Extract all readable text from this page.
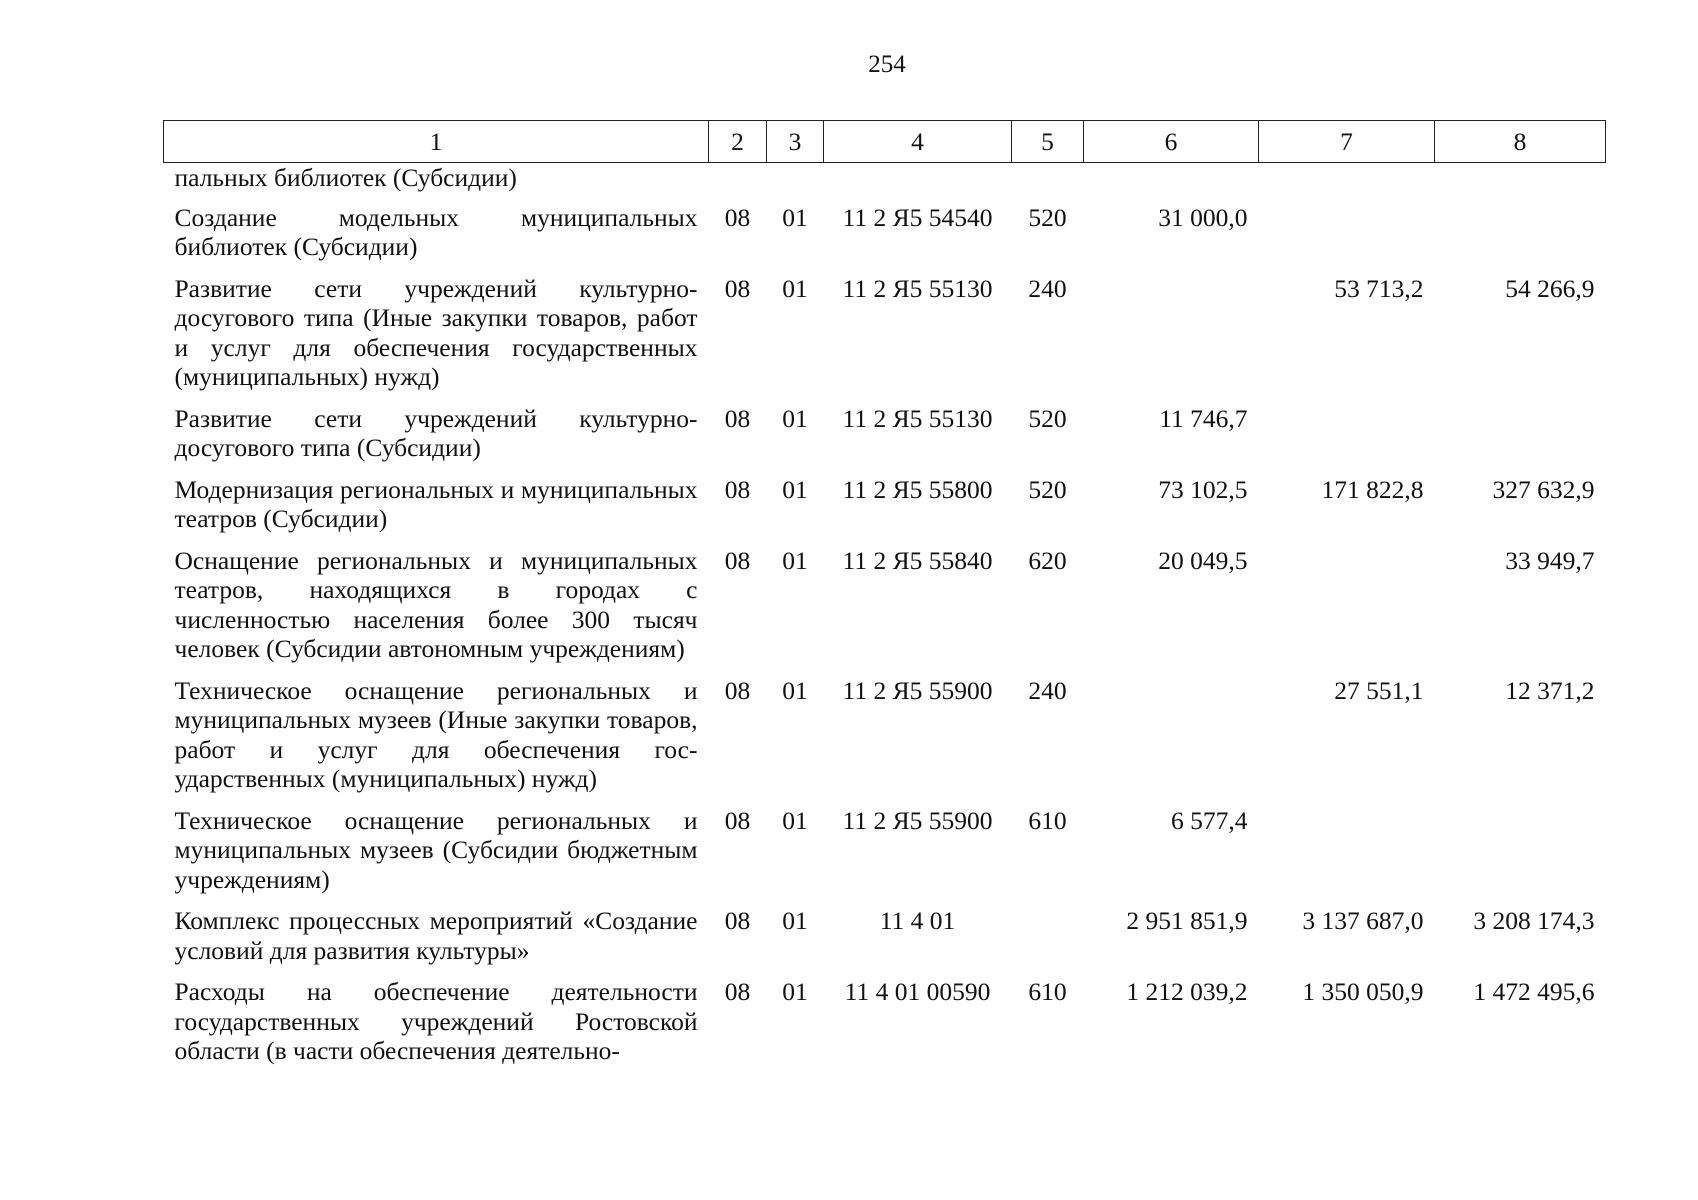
254
1	2	3	4	5	6	7	8
пальных библиотек (Субсидии)							
Создание модельных муниципальных библиотек (Субсидии)	08	01	11 2 Я5 54540	520	31 000,0		
Развитие сети учреждений культурно-досугового типа (Иные закупки товаров, работ и услуг для обеспечения государственных (муниципальных) нужд)	08	01	11 2 Я5 55130	240		53 713,2	54 266,9
Развитие сети учреждений культурно-досугового типа (Субсидии)	08	01	11 2 Я5 55130	520	11 746,7		
Модернизация региональных и муниципальных театров (Субсидии)	08	01	11 2 Я5 55800	520	73 102,5	171 822,8	327 632,9
Оснащение региональных и муниципальных театров, находящихся в городах с численностью населения более 300 тысяч человек (Субсидии автономным учреждениям)	08	01	11 2 Я5 55840	620	20 049,5		33 949,7
Техническое оснащение региональных и муниципальных музеев (Иные закупки товаров, работ и услуг для обеспечения государственных (муниципальных) нужд)	08	01	11 2 Я5 55900	240		27 551,1	12 371,2
Техническое оснащение региональных и муниципальных музеев (Субсидии бюджетным учреждениям)	08	01	11 2 Я5 55900	610	6 577,4		
Комплекс процессных мероприятий «Создание условий для развития культуры»	08	01	11 4 01		2 951 851,9	3 137 687,0	3 208 174,3
Расходы на обеспечение деятельности государственных учреждений Ростовской области (в части обеспечения деятельно-	08	01	11 4 01 00590	610	1 212 039,2	1 350 050,9	1 472 495,6
